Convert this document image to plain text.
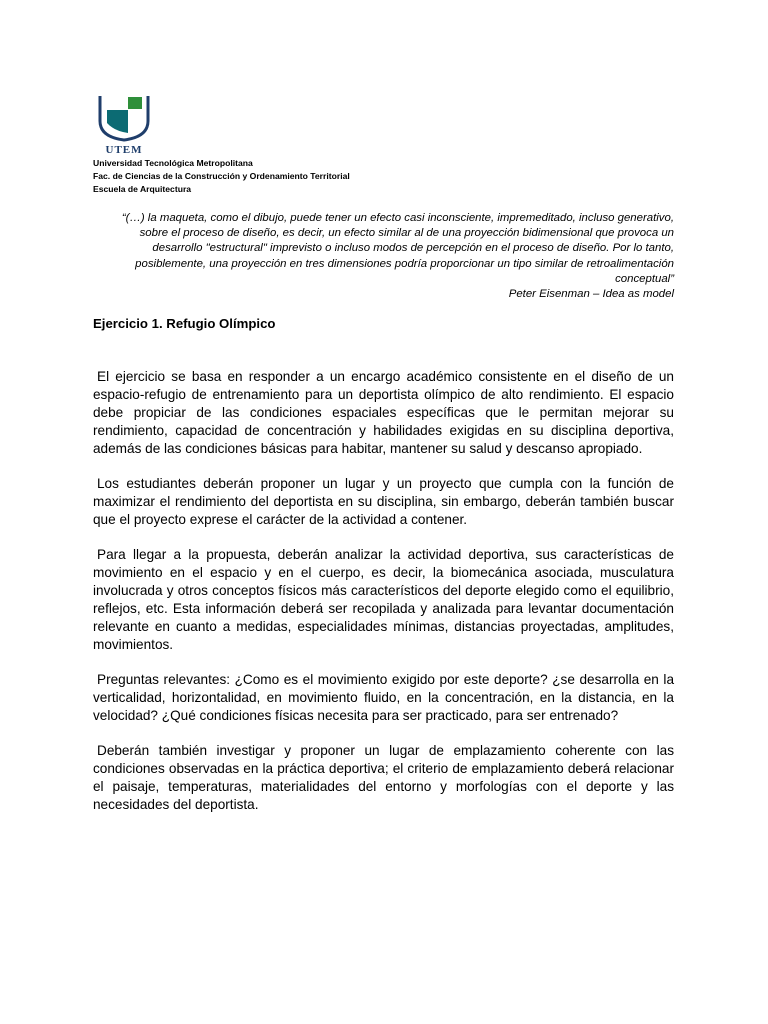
UTEM
Universidad Tecnológica Metropolitana
Fac. de Ciencias de la Construcción y Ordenamiento Territorial
Escuela de Arquitectura
“(…) la maqueta, como el dibujo, puede tener un efecto casi inconsciente, impremeditado, incluso generativo, sobre el proceso de diseño, es decir, un efecto similar al de una proyección bidimensional que provoca un desarrollo "estructural" imprevisto o incluso modos de percepción en el proceso de diseño. Por lo tanto, posiblemente, una proyección en tres dimensiones podría proporcionar un tipo similar de retroalimentación conceptual”
Peter Eisenman – Idea as model
Ejercicio 1. Refugio Olímpico

El ejercicio se basa en responder a un encargo académico consistente en el diseño de un espacio-refugio de entrenamiento para un deportista olímpico de alto rendimiento. El espacio debe propiciar de las condiciones espaciales específicas que le permitan mejorar su rendimiento, capacidad de concentración y habilidades exigidas en su disciplina deportiva, además de las condiciones básicas para habitar, mantener su salud y descanso apropiado.

Los estudiantes deberán proponer un lugar y un proyecto que cumpla con la función de maximizar el rendimiento del deportista en su disciplina, sin embargo, deberán también buscar que el proyecto exprese el carácter de la actividad a contener.

Para llegar a la propuesta, deberán analizar la actividad deportiva, sus características de movimiento en el espacio y en el cuerpo, es decir, la biomecánica asociada, musculatura involucrada y otros conceptos físicos más característicos del deporte elegido como el equilibrio, reflejos, etc. Esta información deberá ser recopilada y analizada para levantar documentación relevante en cuanto a medidas, especialidades mínimas, distancias proyectadas, amplitudes, movimientos.

Preguntas relevantes: ¿Como es el movimiento exigido por este deporte? ¿se desarrolla en la verticalidad, horizontalidad, en movimiento fluido, en la concentración, en la distancia, en la velocidad? ¿Qué condiciones físicas necesita para ser practicado, para ser entrenado?

Deberán también investigar y proponer un lugar de emplazamiento coherente con las condiciones observadas en la práctica deportiva; el criterio de emplazamiento deberá relacionar el paisaje, temperaturas, materialidades del entorno y morfologías con el deporte y las necesidades del deportista.
